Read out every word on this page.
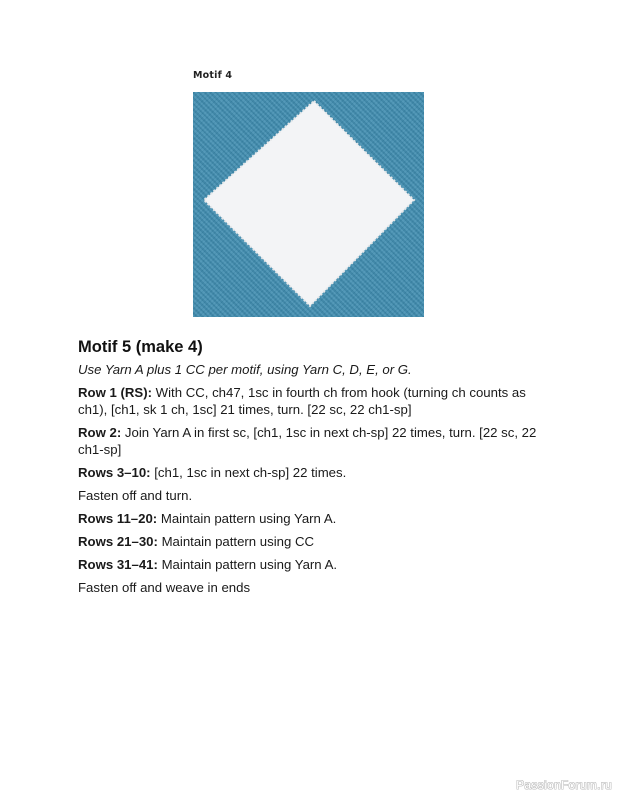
Motif 4
Motif 5 (make 4)
Use Yarn A plus 1 CC per motif, using Yarn C, D, E, or G.
Row 1 (RS): With CC, ch47, 1sc in fourth ch from hook (turning ch counts as ch1), [ch1, sk 1 ch, 1sc] 21 times, turn. [22 sc, 22 ch1-sp]
Row 2: Join Yarn A in first sc, [ch1, 1sc in next ch-sp] 22 times, turn. [22 sc, 22 ch1-sp]
Rows 3–10: [ch1, 1sc in next ch-sp] 22 times.
Fasten off and turn.
Rows 11–20: Maintain pattern using Yarn A.
Rows 21–30: Maintain pattern using CC
Rows 31–41: Maintain pattern using Yarn A.
Fasten off and weave in ends
PassionForum.ru
